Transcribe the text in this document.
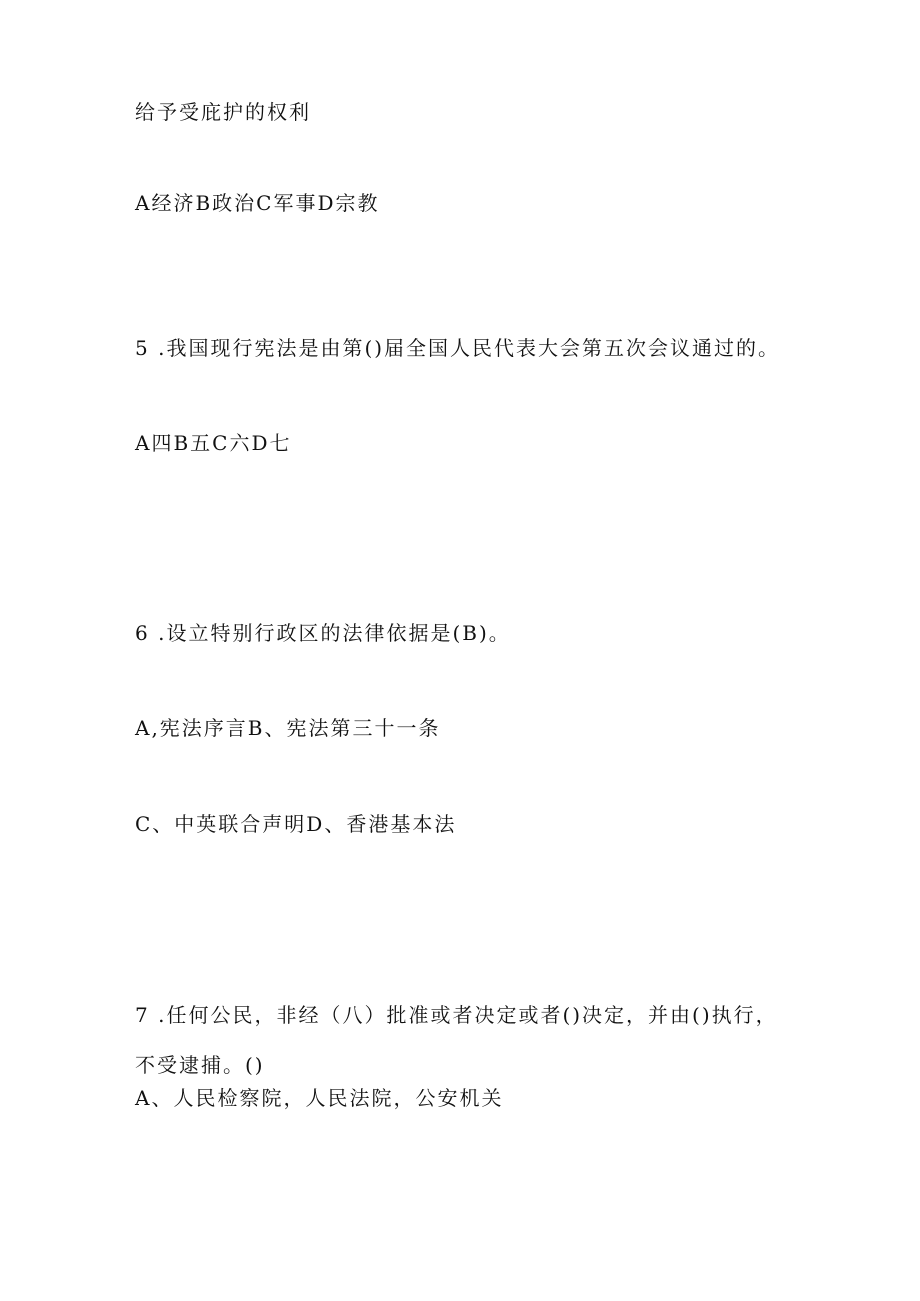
给予受庇护的权利
A经济B政治C军事D宗教
5 .我国现行宪法是由第()届全国人民代表大会第五次会议通过的。
A四B五C六D七
6 .设立特别行政区的法律依据是(B)。
A,宪法序言B、宪法第三十一条
C、中英联合声明D、香港基本法
7 .任何公民，非经（八）批准或者决定或者()决定，并由()执行，
不受逮捕。()
A、人民检察院，人民法院，公安机关
